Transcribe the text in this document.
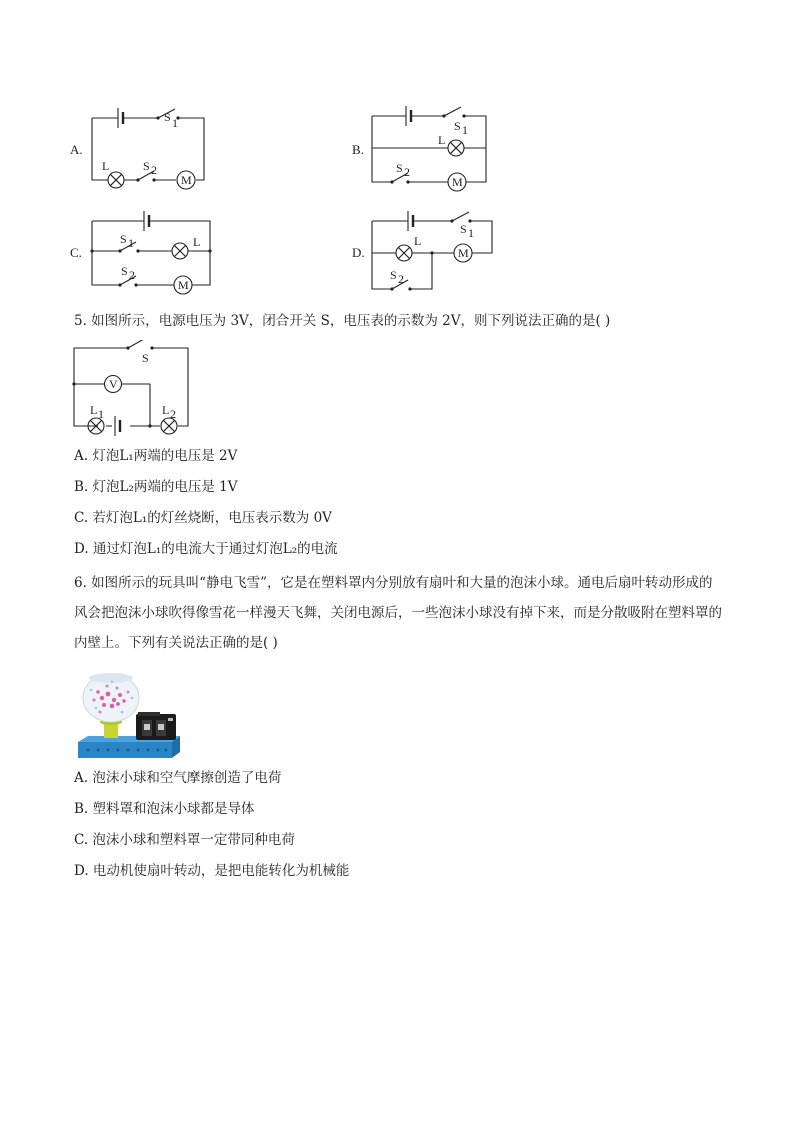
A.
S 1
S 2
L
M
B.
S 1
L
S 2
M
C.
S 1	L
S 2
M
D.
L
S 1
M
S 2
5. 如图所示，电源电压为 3V，闭合开关 S，电压表的示数为 2V，则下列说法正确的是( )
S
V
L 1	L 2
A. 灯泡L₁两端的电压是 2V
B. 灯泡L₂两端的电压是 1V
C. 若灯泡L₁的灯丝烧断，电压表示数为 0V
D. 通过灯泡L₁的电流大于通过灯泡L₂的电流
6. 如图所示的玩具叫“静电飞雪”，它是在塑料罩内分别放有扇叶和大量的泡沫小球。通电后扇叶转动形成的风会把泡沫小球吹得像雪花一样漫天飞舞，关闭电源后，一些泡沫小球没有掉下来，而是分散吸附在塑料罩的内壁上。下列有关说法正确的是( )
A. 泡沫小球和空气摩擦创造了电荷
B. 塑料罩和泡沫小球都是导体
C. 泡沫小球和塑料罩一定带同种电荷
D. 电动机使扇叶转动，是把电能转化为机械能
